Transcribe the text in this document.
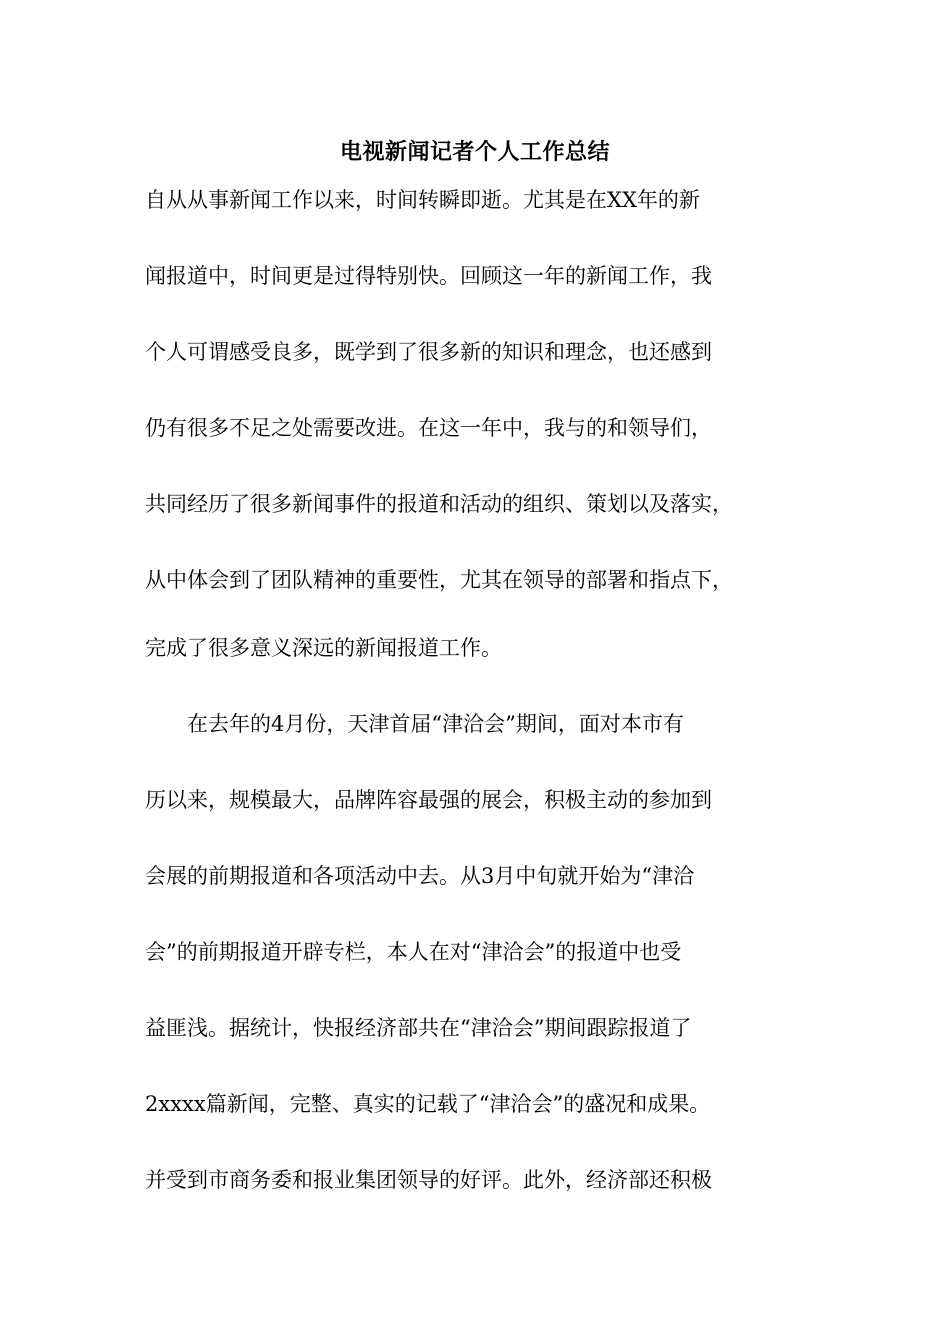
电视新闻记者个人工作总结

自从从事新闻工作以来，时间转瞬即逝。尤其是在XX年的新

闻报道中，时间更是过得特别快。回顾这一年的新闻工作，我

个人可谓感受良多，既学到了很多新的知识和理念，也还感到

仍有很多不足之处需要改进。在这一年中，我与的和领导们，

共同经历了很多新闻事件的报道和活动的组织、策划以及落实，

从中体会到了团队精神的重要性，尤其在领导的部署和指点下，

完成了很多意义深远的新闻报道工作。

　　在去年的4月份，天津首届“津洽会”期间，面对本市有

历以来，规模最大，品牌阵容最强的展会，积极主动的参加到

会展的前期报道和各项活动中去。从3月中旬就开始为“津洽

会”的前期报道开辟专栏，本人在对“津洽会”的报道中也受

益匪浅。据统计，快报经济部共在“津洽会”期间跟踪报道了

2xxxx篇新闻，完整、真实的记载了“津洽会”的盛况和成果。

并受到市商务委和报业集团领导的好评。此外，经济部还积极
